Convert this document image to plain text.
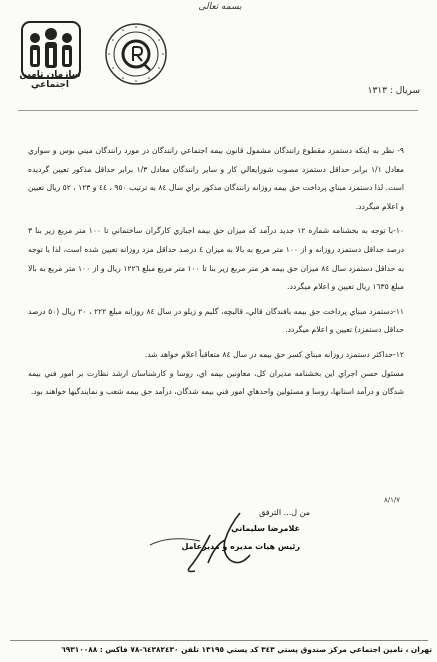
بسمه تعالی
سازمان تامين اجتماعي
سريال : ١٣١٣

٩- نظر به اينكه دستمزد مقطوع رانندگان مشمول قانون بيمه اجتماعي رانندگان در مورد رانندگان ميني بوس و سواري معادل ١/١ برابر حداقل دستمزد مصوب شورايعالي كار و ساير رانندگان معادل ١/٣ برابر حداقل مذكور تعيين گرديده است. لذا دستمزد مبناي پرداخت حق بيمه روزانه رانندگان مذكور براي سال ٨٤ به ترتيب ٩٥٠ ، ٤٤ و ١٢٣ ، ٥٢ ريال تعيين و اعلام ميگردد.

١٠-با توجه به بخشنامه شماره ١٢ جديد درآمد كه ميزان حق بيمه اجباري كارگران ساختماني تا ١٠٠ متر مربع زير بنا ٣ درصد حداقل دستمزد روزانه و از ١٠٠ متر مربع به بالا به ميزان ٤ درصد حداقل مزد روزانه تعيين شده است، لذا با توجه به حداقل دستمزد سال ٨٤ ميزان حق بيمه هر متر مربع زير بنا تا ١٠٠ متر مربع مبلغ ١٢٢٦ ريال و از ١٠٠ متر مربع به بالا مبلغ ١٦٣٥ ريال تعيين و اعلام ميگردد.

١١-دستمزد مبناي پرداخت حق بيمه بافندگان قالي، قاليچه، گليم و زيلو در سال ٨٤ روزانه مبلغ ٢٢٢ ، ٢٠ ريال (٥٠ درصد حداقل دستمزد) تعيين و اعلام ميگردد.

١٢-حداكثر دستمزد روزانه مبناي كسر حق بيمه در سال ٨٤ متعاقباً اعلام خواهد شد.

مسئول حسن اجراي اين بخشنامه مديران كل، معاونين بيمه اي، روسا و كارشناسان ارشد نظارت بر امور فني بيمه شدگان و درآمد استانها، روسا و مسئولين واحدهاي امور فني بيمه شدگان، درآمد حق بيمه شعب و نمايندگيها خواهند بود.

٨/١/٧
من ل... الترفق
غلامرضا سليماني
رئيس هيات مديره و مديرعامل
تهران ، تامين اجتماعي مركز صندوق پستي ٣٤٣ كد پستي ١٣١٩٥ تلفن ٦٤٣٨٢٤٣٠-٧٨ فاكس : ٦٩٣١٠٠٨٨
